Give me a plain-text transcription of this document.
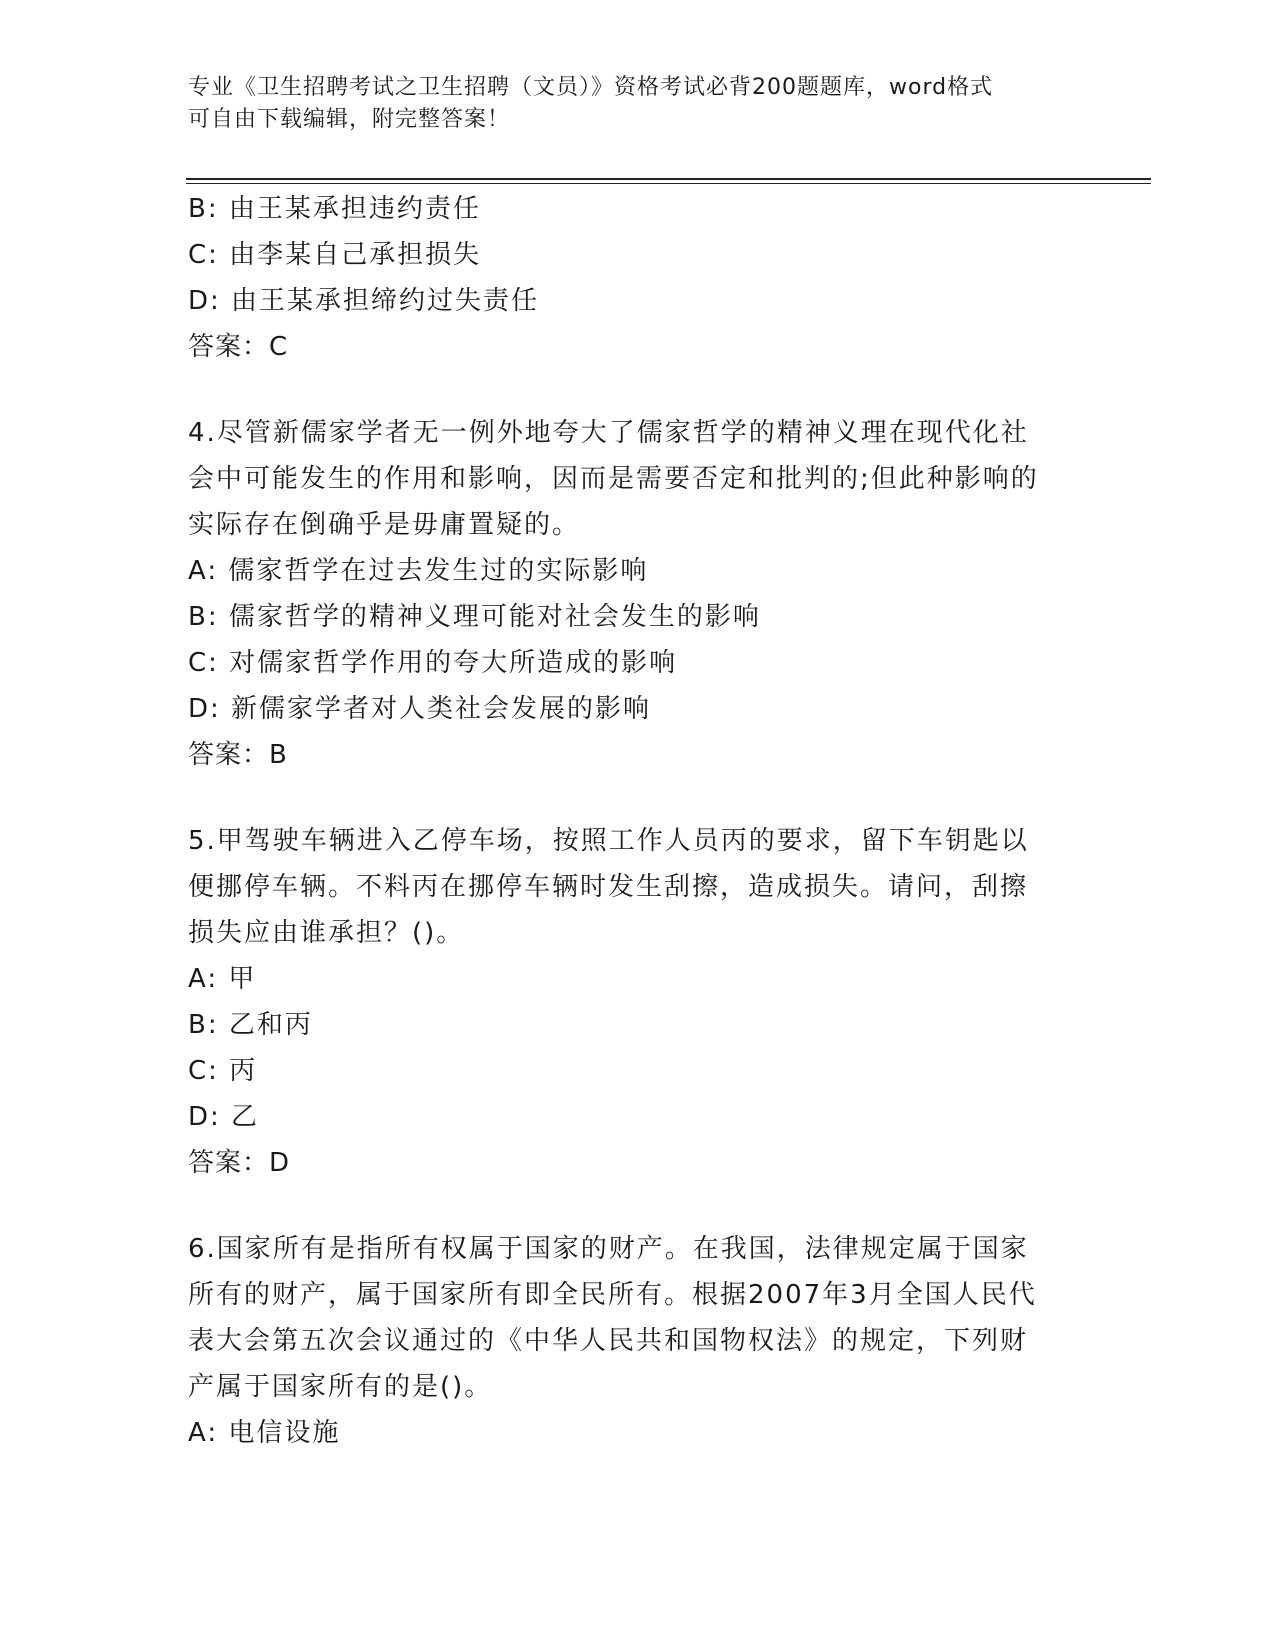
专业《卫生招聘考试之卫生招聘（文员）》资格考试必背200题题库，word格式
可自由下载编辑，附完整答案！
B: 由王某承担违约责任
C: 由李某自己承担损失
D: 由王某承担缔约过失责任
答案：C
4.尽管新儒家学者无一例外地夸大了儒家哲学的精神义理在现代化社
会中可能发生的作用和影响，因而是需要否定和批判的;但此种影响的
实际存在倒确乎是毋庸置疑的。
A: 儒家哲学在过去发生过的实际影响
B: 儒家哲学的精神义理可能对社会发生的影响
C: 对儒家哲学作用的夸大所造成的影响
D: 新儒家学者对人类社会发展的影响
答案：B
5.甲驾驶车辆进入乙停车场，按照工作人员丙的要求，留下车钥匙以
便挪停车辆。不料丙在挪停车辆时发生刮擦，造成损失。请问，刮擦
损失应由谁承担？()。
A: 甲
B: 乙和丙
C: 丙
D: 乙
答案：D
6.国家所有是指所有权属于国家的财产。在我国，法律规定属于国家
所有的财产，属于国家所有即全民所有。根据2007年3月全国人民代
表大会第五次会议通过的《中华人民共和国物权法》的规定，下列财
产属于国家所有的是()。
A: 电信设施
